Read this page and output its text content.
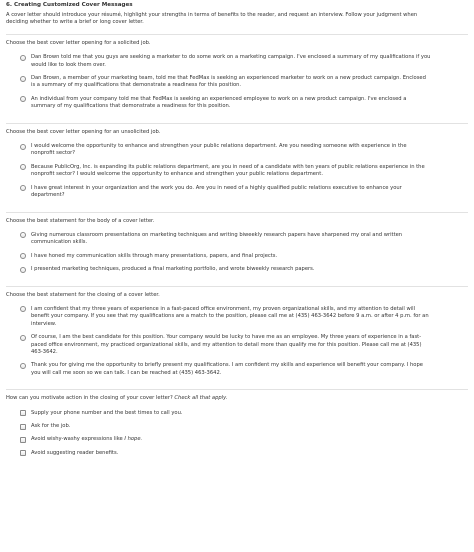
6. Creating Customized Cover Messages
A cover letter should introduce your résumé, highlight your strengths in terms of benefits to the reader, and request an interview. Follow your judgment when deciding whether to write a brief or long cover letter.
Choose the best cover letter opening for a solicited job.
Dan Brown told me that you guys are seeking a marketer to do some work on a marketing campaign. I've enclosed a summary of my qualifications if you would like to look them over.
Dan Brown, a member of your marketing team, told me that FedMax is seeking an experienced marketer to work on a new product campaign. Enclosed is a summary of my qualifications that demonstrate a readiness for this position.
An individual from your company told me that FedMax is seeking an experienced employee to work on a new product campaign. I've enclosed a summary of my qualifications that demonstrate a readiness for this position.
Choose the best cover letter opening for an unsolicited job.
I would welcome the opportunity to enhance and strengthen your public relations department. Are you needing someone with experience in the nonprofit sector?
Because PublicOrg, Inc. is expanding its public relations department, are you in need of a candidate with ten years of public relations experience in the nonprofit sector? I would welcome the opportunity to enhance and strengthen your public relations department.
I have great interest in your organization and the work you do. Are you in need of a highly qualified public relations executive to enhance your department?
Choose the best statement for the body of a cover letter.
Giving numerous classroom presentations on marketing techniques and writing biweekly research papers have sharpened my oral and written communication skills.
I have honed my communication skills through many presentations, papers, and final projects.
I presented marketing techniques, produced a final marketing portfolio, and wrote biweekly research papers.
Choose the best statement for the closing of a cover letter.
I am confident that my three years of experience in a fast-paced office environment, my proven organizational skills, and my attention to detail will benefit your company. If you see that my qualifications are a match to the position, please call me at (435) 463-3642 before 9 a.m. or after 4 p.m. for an interview.
Of course, I am the best candidate for this position. Your company would be lucky to have me as an employee. My three years of experience in a fast-paced office environment, my practiced organizational skills, and my attention to detail more than qualify me for this position. Please call me at (435) 463-3642.
Thank you for giving me the opportunity to briefly present my qualifications. I am confident my skills and experience will benefit your company. I hope you will call me soon so we can talk. I can be reached at (435) 463-3642.
How can you motivate action in the closing of your cover letter? Check all that apply.
Supply your phone number and the best times to call you.
Ask for the job.
Avoid wishy-washy expressions like I hope.
Avoid suggesting reader benefits.
